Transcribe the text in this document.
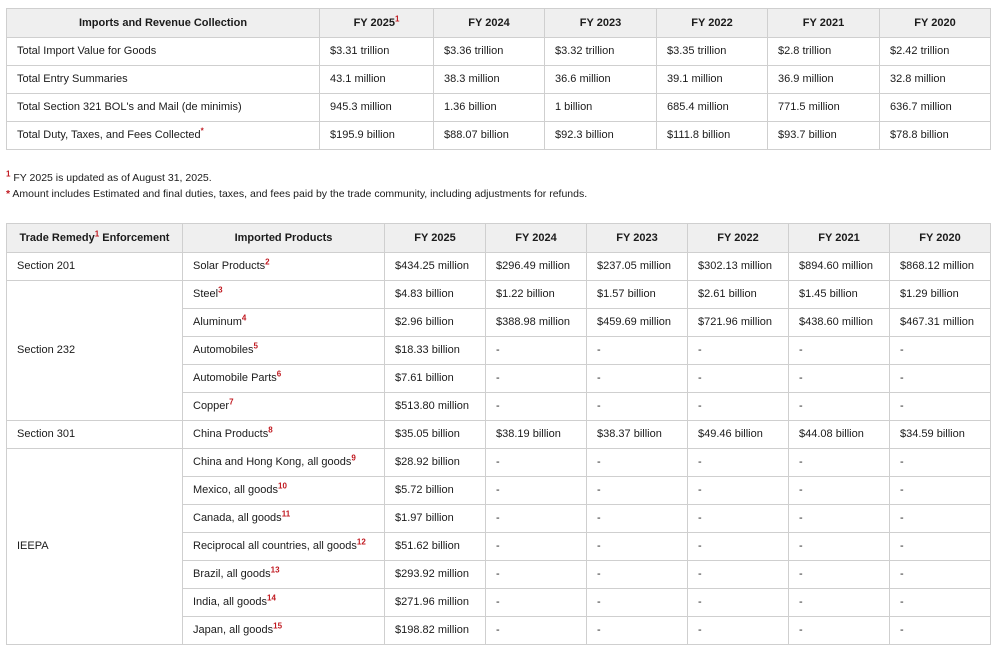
Imports and Revenue Collection	FY 2025$^1$	FY 2024	FY 2023	FY 2022	FY 2021	FY 2020
Total Import Value for Goods	$3.31 trillion	$3.36 trillion	$3.32 trillion	$3.35 trillion	$2.8 trillion	$2.42 trillion
Total Entry Summaries	43.1 million	38.3 million	36.6 million	39.1 million	36.9 million	32.8 million
Total Section 321 BOL's and Mail (de minimis)	945.3 million	1.36 billion	1 billion	685.4 million	771.5 million	636.7 million
Total Duty, Taxes, and Fees Collected*	$195.9 billion	$88.07 billion	$92.3 billion	$111.8 billion	$93.7 billion	$78.8 billion
$^1$ FY 2025 is updated as of August 31, 2025.
* Amount includes Estimated and final duties, taxes, and fees paid by the trade community, including adjustments for refunds.
Trade Remedy$^1$ Enforcement	Imported Products	FY 2025	FY 2024	FY 2023	FY 2022	FY 2021	FY 2020
Section 201	Solar Products$^2$	$434.25 million	$296.49 million	$237.05 million	$302.13 million	$894.60 million	$868.12 million
Section 232	Steel$^3$	$4.83 billion	$1.22 billion	$1.57 billion	$2.61 billion	$1.45 billion	$1.29 billion
	Aluminum$^4$	$2.96 billion	$388.98 million	$459.69 million	$721.96 million	$438.60 million	$467.31 million
	Automobiles$^5$	$18.33 billion	-	-	-	-	-
	Automobile Parts$^6$	$7.61 billion	-	-	-	-	-
	Copper$^7$	$513.80 million	-	-	-	-	-
Section 301	China Products$^8$	$35.05 billion	$38.19 billion	$38.37 billion	$49.46 billion	$44.08 billion	$34.59 billion
IEEPA	China and Hong Kong, all goods$^9$	$28.92 billion	-	-	-	-	-
	Mexico, all goods$^{10}$	$5.72 billion	-	-	-	-	-
	Canada, all goods$^{11}$	$1.97 billion	-	-	-	-	-
	Reciprocal all countries, all goods$^{12}$	$51.62 billion	-	-	-	-	-
	Brazil, all goods$^{13}$	$293.92 million	-	-	-	-	-
	India, all goods$^{14}$	$271.96 million	-	-	-	-	-
	Japan, all goods$^{15}$	$198.82 million	-	-	-	-	-
